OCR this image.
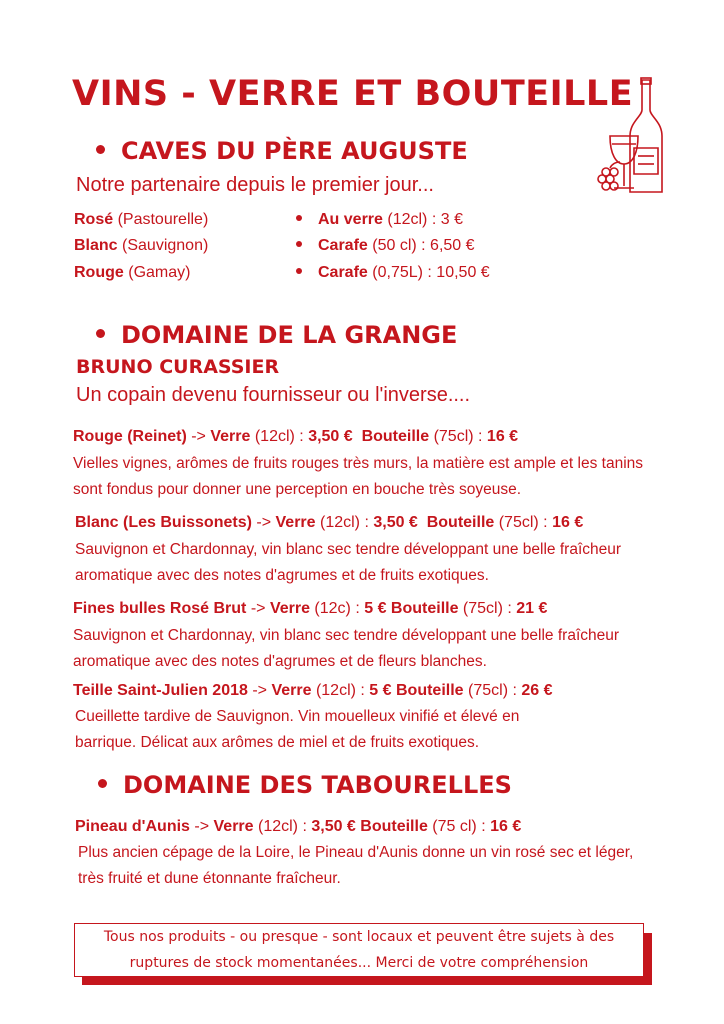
VINS - VERRE ET BOUTEILLE
CAVES DU PÈRE AUGUSTE
Notre partenaire depuis le premier jour...
Rosé (Pastourelle)
Blanc (Sauvignon)
Rouge (Gamay)
Au verre (12cl) : 3 €
Carafe (50 cl) : 6,50 €
Carafe (0,75L) : 10,50 €
DOMAINE DE LA GRANGE
BRUNO CURASSIER
Un copain devenu fournisseur ou l'inverse....
Rouge (Reinet) -> Verre (12cl) : 3,50 € Bouteille (75cl) : 16 €
Vielles vignes, arômes de fruits rouges très murs, la matière est ample et les tanins sont fondus pour donner une perception en bouche très soyeuse.
Blanc (Les Buissonets) -> Verre (12cl) : 3,50 € Bouteille (75cl) : 16 €
Sauvignon et Chardonnay, vin blanc sec tendre développant une belle fraîcheur aromatique avec des notes d'agrumes et de fruits exotiques.
Fines bulles Rosé Brut -> Verre (12c) : 5 € Bouteille (75cl) : 21 €
Sauvignon et Chardonnay, vin blanc sec tendre développant une belle fraîcheur aromatique avec des notes d'agrumes et de fleurs blanches.
Teille Saint-Julien 2018 -> Verre (12cl) : 5 € Bouteille (75cl) : 26 €
Cueillette tardive de Sauvignon. Vin mouelleux vinifié et élevé en barrique. Délicat aux arômes de miel et de fruits exotiques.
DOMAINE DES TABOURELLES
Pineau d'Aunis -> Verre (12cl) : 3,50 € Bouteille (75 cl) : 16 €
Plus ancien cépage de la Loire, le Pineau d'Aunis donne un vin rosé sec et léger, très fruité et dune étonnante fraîcheur.
Tous nos produits - ou presque - sont locaux et peuvent être sujets à des
ruptures de stock momentanées... Merci de votre compréhension
